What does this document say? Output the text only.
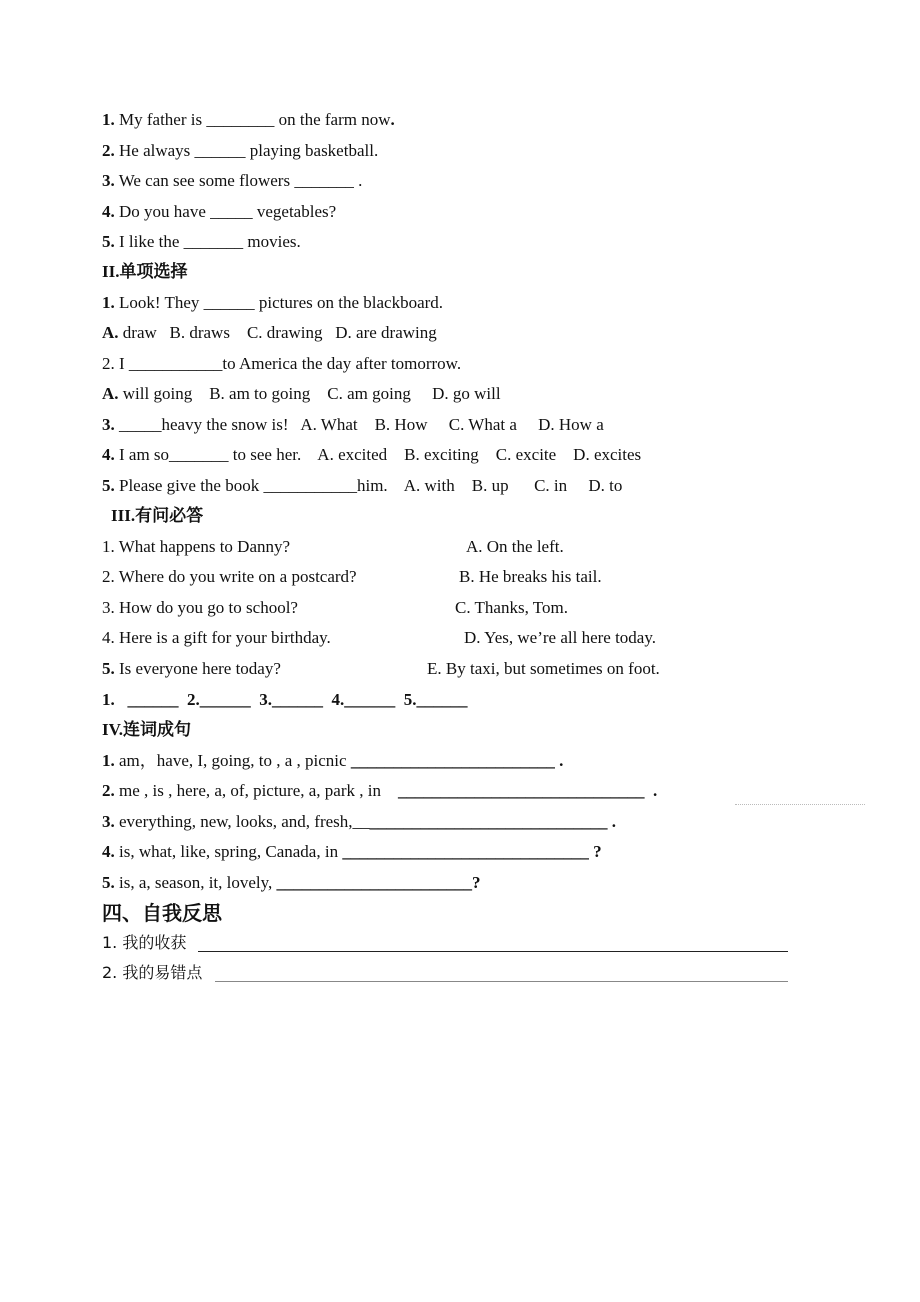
1. My father is ________ on the farm now.
2. He always ______ playing basketball.
3. We can see some flowers _______ .
4. Do you have _____ vegetables?
5. I like the _______ movies.
II.单项选择
1. Look! They ______ pictures on the blackboard.
A. draw   B. draws    C. drawing   D. are drawing
2. I ___________to America the day after tomorrow.
A. will going    B. am to going    C. am going     D. go will
3. _____heavy the snow is!   A. What    B. How     C. What a     D. How a
4. I am so_______ to see her.    A. excited    B. exciting    C. excite    D. excites
5. Please give the book ___________him.    A. with    B. up      C. in     D. to
III.有问必答
1. What happens to Danny?	A. On the left.
2. Where do you write on a postcard?	B. He breaks his tail.
3. How do you go to school?	C. Thanks, Tom.
4. Here is a gift for your birthday.	D. Yes, we’re all here today.
5. Is everyone here today?	E. By taxi, but sometimes on foot.
1.   ______  2.______  3.______  4.______  5.______
IV.连词成句
1. am，have, I, going, to , a , picnic ________________________ .
2. me , is , here, a, of, picture, a, park , in    _____________________________  .
3. everything, new, looks, and, fresh,______________________________ .
4. is, what, like, spring, Canada, in _____________________________ ?
5. is, a, season, it, lovely, _______________________?
四、自我反思
1. 我的收获
2. 我的易错点
